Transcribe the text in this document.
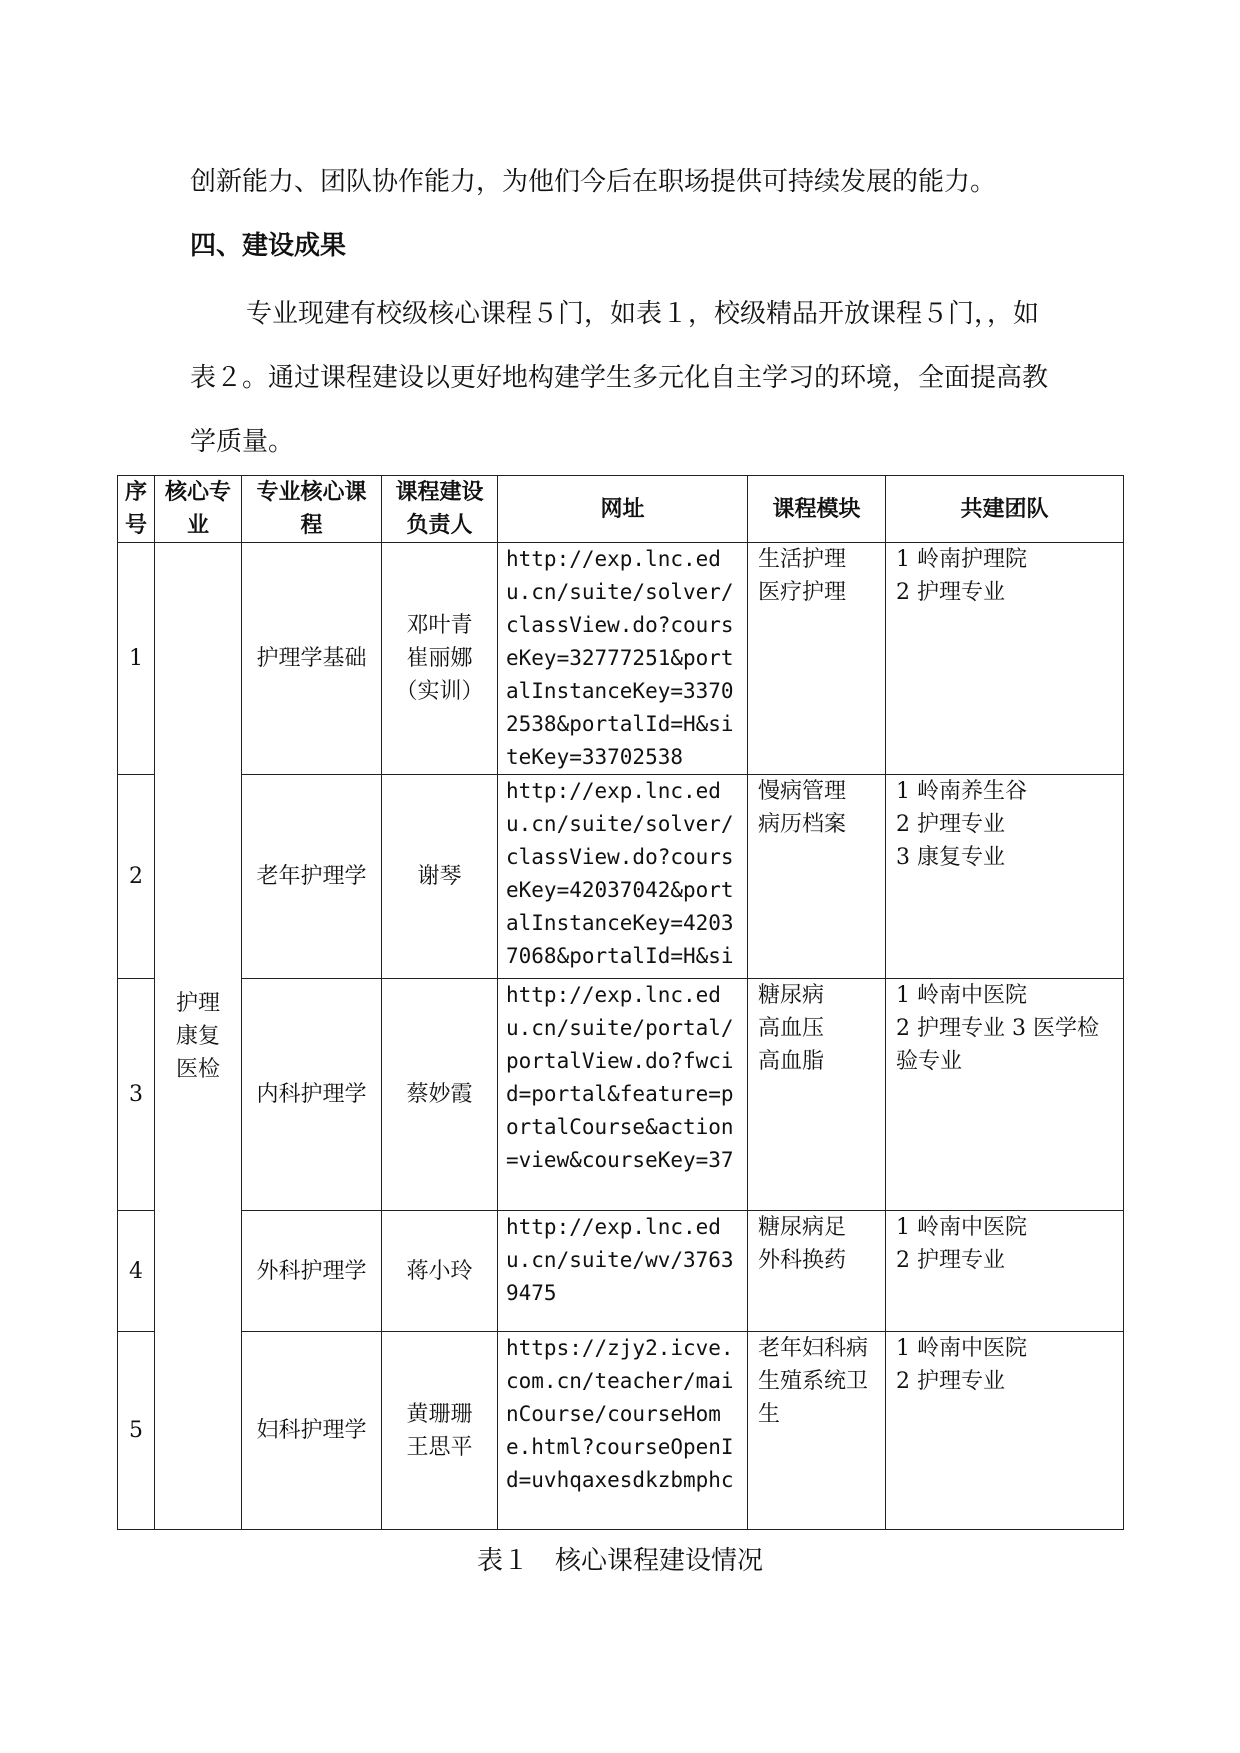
创新能力、团队协作能力，为他们今后在职场提供可持续发展的能力。

四、建设成果

专业现建有校级核心课程５门，如表１，校级精品开放课程５门，，如表２。通过课程建设以更好地构建学生多元化自主学习的环境，全面提高教学质量。

序号	核心专业	专业核心课程	课程建设负责人	网址	课程模块	共建团队
1	护理
康复
医检	护理学基础	邓叶青
崔丽娜
（实训）	http://exp.lnc.edu.cn/suite/solver/classView.do?courseKey=32777251&portalInstanceKey=33702538&portalId=H&siteKey=33702538	生活护理
医疗护理	1 岭南护理院
2 护理专业

2		老年护理学	谢琴	http://exp.lnc.edu.cn/suite/solver/classView.do?courseKey=42037042&portalInstanceKey=42037068&portalId=H&si	慢病管理
病历档案	1 岭南养生谷
2 护理专业
3 康复专业

3		内科护理学	蔡妙霞	http://exp.lnc.edu.cn/suite/portal/portalView.do?fwcid=portal&feature=portalCourse&action=view&courseKey=37	糖尿病
高血压
高血脂	1 岭南中医院
2 护理专业 3 医学检验专业

4		外科护理学	蒋小玲	http://exp.lnc.edu.cn/suite/wv/37639475	糖尿病足
外科换药	1 岭南中医院
2 护理专业

5		妇科护理学	黄珊珊
王思平	https://zjy2.icve.com.cn/teacher/mainCourse/courseHome.html?courseOpenId=uvhqaxesdkzbmphc	老年妇科病生殖系统卫生	1 岭南中医院
2 护理专业
表１　核心课程建设情况
